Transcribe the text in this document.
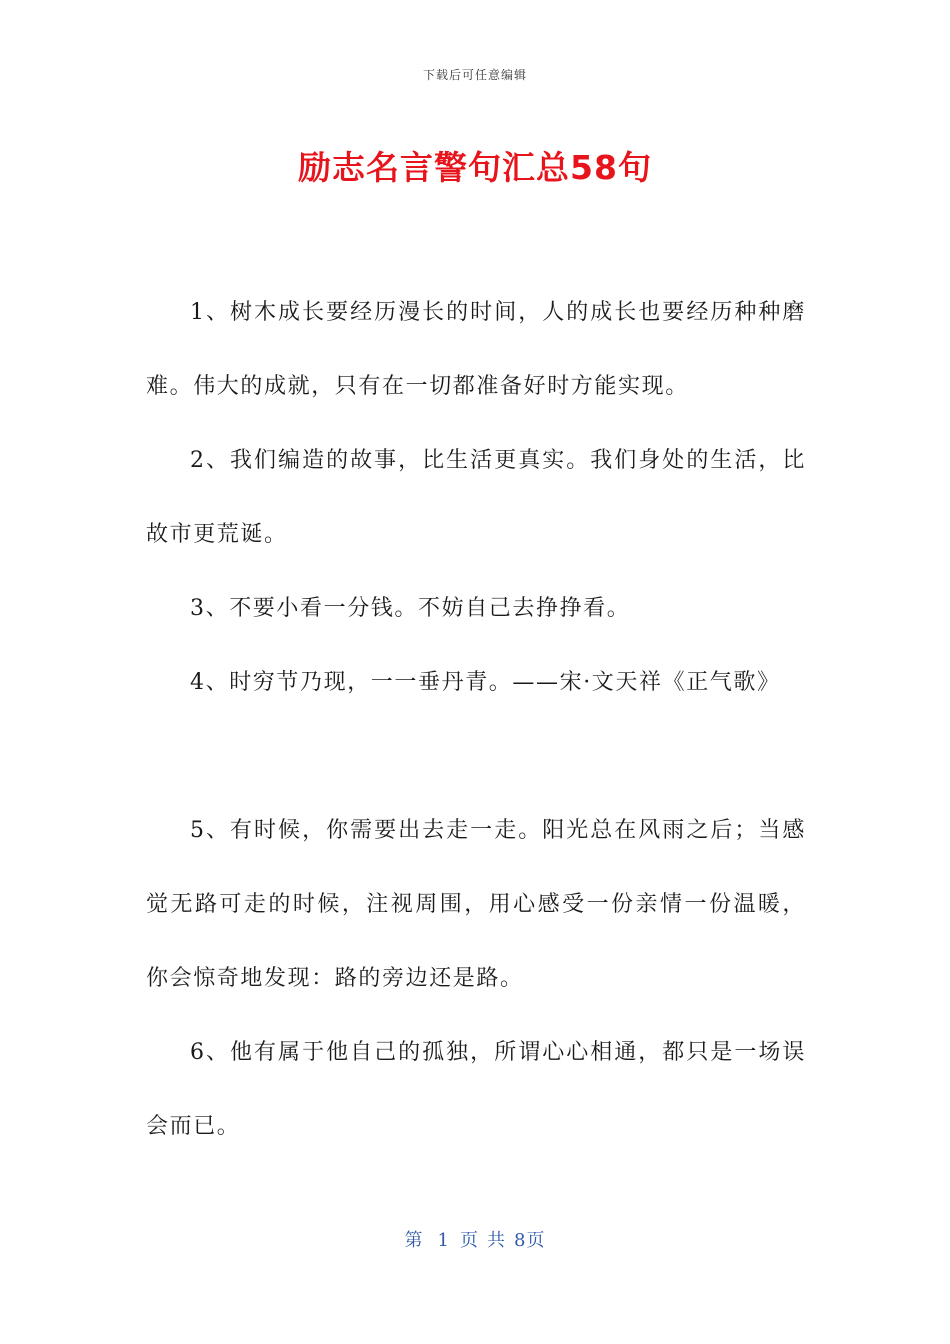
下载后可任意编辑
励志名言警句汇总58句

1、树木成长要经历漫长的时间，人的成长也要经历种种磨难。伟大的成就，只有在一切都准备好时方能实现。

2、我们编造的故事，比生活更真实。我们身处的生活，比故市更荒诞。

3、不要小看一分钱。不妨自己去挣挣看。

4、时穷节乃现，一一垂丹青。——宋·文天祥《正气歌》

5、有时候，你需要出去走一走。阳光总在风雨之后；当感觉无路可走的时候，注视周围，用心感受一份亲情一份温暖，你会惊奇地发现：路的旁边还是路。

6、他有属于他自己的孤独，所谓心心相通，都只是一场误会而已。

第 1 页 共 8页
